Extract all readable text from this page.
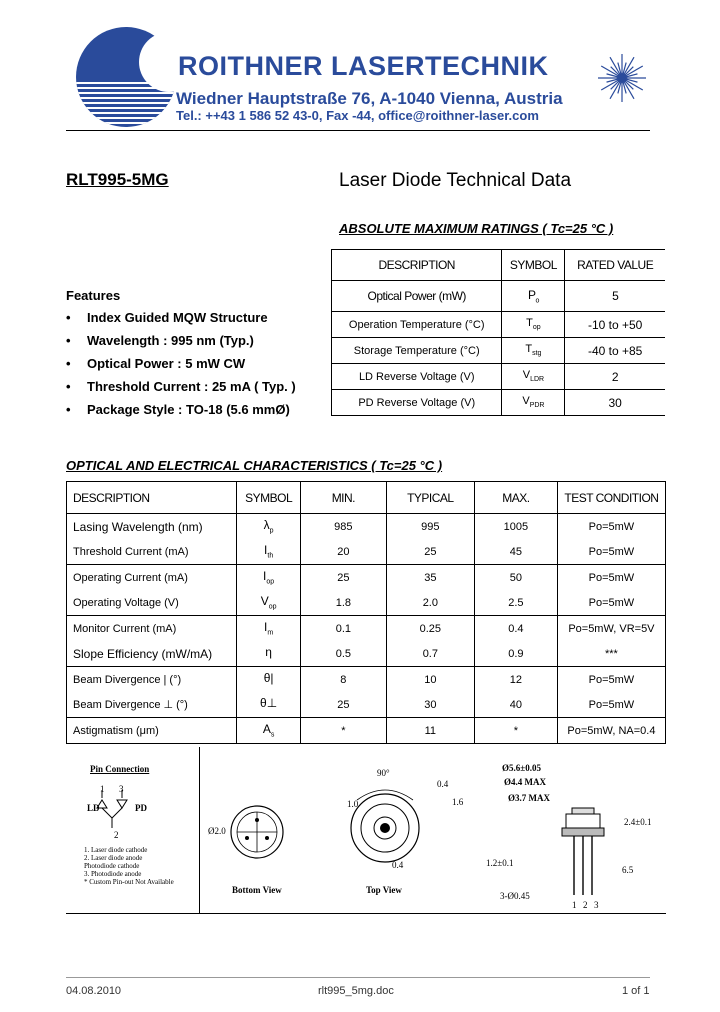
ROITHNER LASERTECHNIK
Wiedner Hauptstraße 76, A-1040 Vienna, Austria
Tel.: ++43 1 586 52 43-0, Fax -44, office@roithner-laser.com
RLT995-5MG	Laser Diode Technical Data
ABSOLUTE MAXIMUM RATINGS ( Tc=25 °C )
DESCRIPTION	SYMBOL	RATED VALUE
Optical Power (mW)	$P_o$	5
Operation Temperature (°C)	$T_{op}$	-10 to +50
Storage Temperature (°C)	$T_{stg}$	-40 to +85
LD Reverse Voltage (V)	$V_{LDR}$	2
PD Reverse Voltage (V)	$V_{PDR}$	30
Features
• Index Guided MQW Structure
• Wavelength : 995 nm (Typ.)
• Optical Power : 5 mW CW
• Threshold Current : 25 mA ( Typ. )
• Package Style : TO-18 (5.6 mmØ)
OPTICAL AND ELECTRICAL CHARACTERISTICS ( Tc=25 °C )
DESCRIPTION	SYMBOL	MIN.	TYPICAL	MAX.	TEST CONDITION
Lasing Wavelength (nm)	$\lambda_p$	985	995	1005	Po=5mW
Threshold Current (mA)	$I_{th}$	20	25	45	Po=5mW
Operating Current (mA)	$I_{op}$	25	35	50	Po=5mW
Operating Voltage (V)	$V_{op}$	1.8	2.0	2.5	Po=5mW
Monitor Current (mA)	$I_m$	0.1	0.25	0.4	Po=5mW, VR=5V
Slope Efficiency (mW/mA)	η	0.5	0.7	0.9	***
Beam Divergence | (°)	θ|	8	10	12	Po=5mW
Beam Divergence ⊥ (°)	θ⊥	25	30	40	Po=5mW
Astigmatism (μm)	$A_s$	*	11	*	Po=5mW, NA=0.4
Pin Connection
1 3
LD	PD
2
1. Laser diode cathode
2. Laser diode anode
Photodiode cathode
3. Photodiode anode
* Custom Pin-out Not Available
Ø2.0
Bottom View
90°
0.4
1.0	1.6
0.4
Top View
Ø5.6±0.05
Ø4.4 MAX
Ø3.7 MAX
2.4±0.1
1.2±0.1
6.5
3-Ø0.45
1 2 3
04.08.2010	rlt995_5mg.doc	1 of 1
